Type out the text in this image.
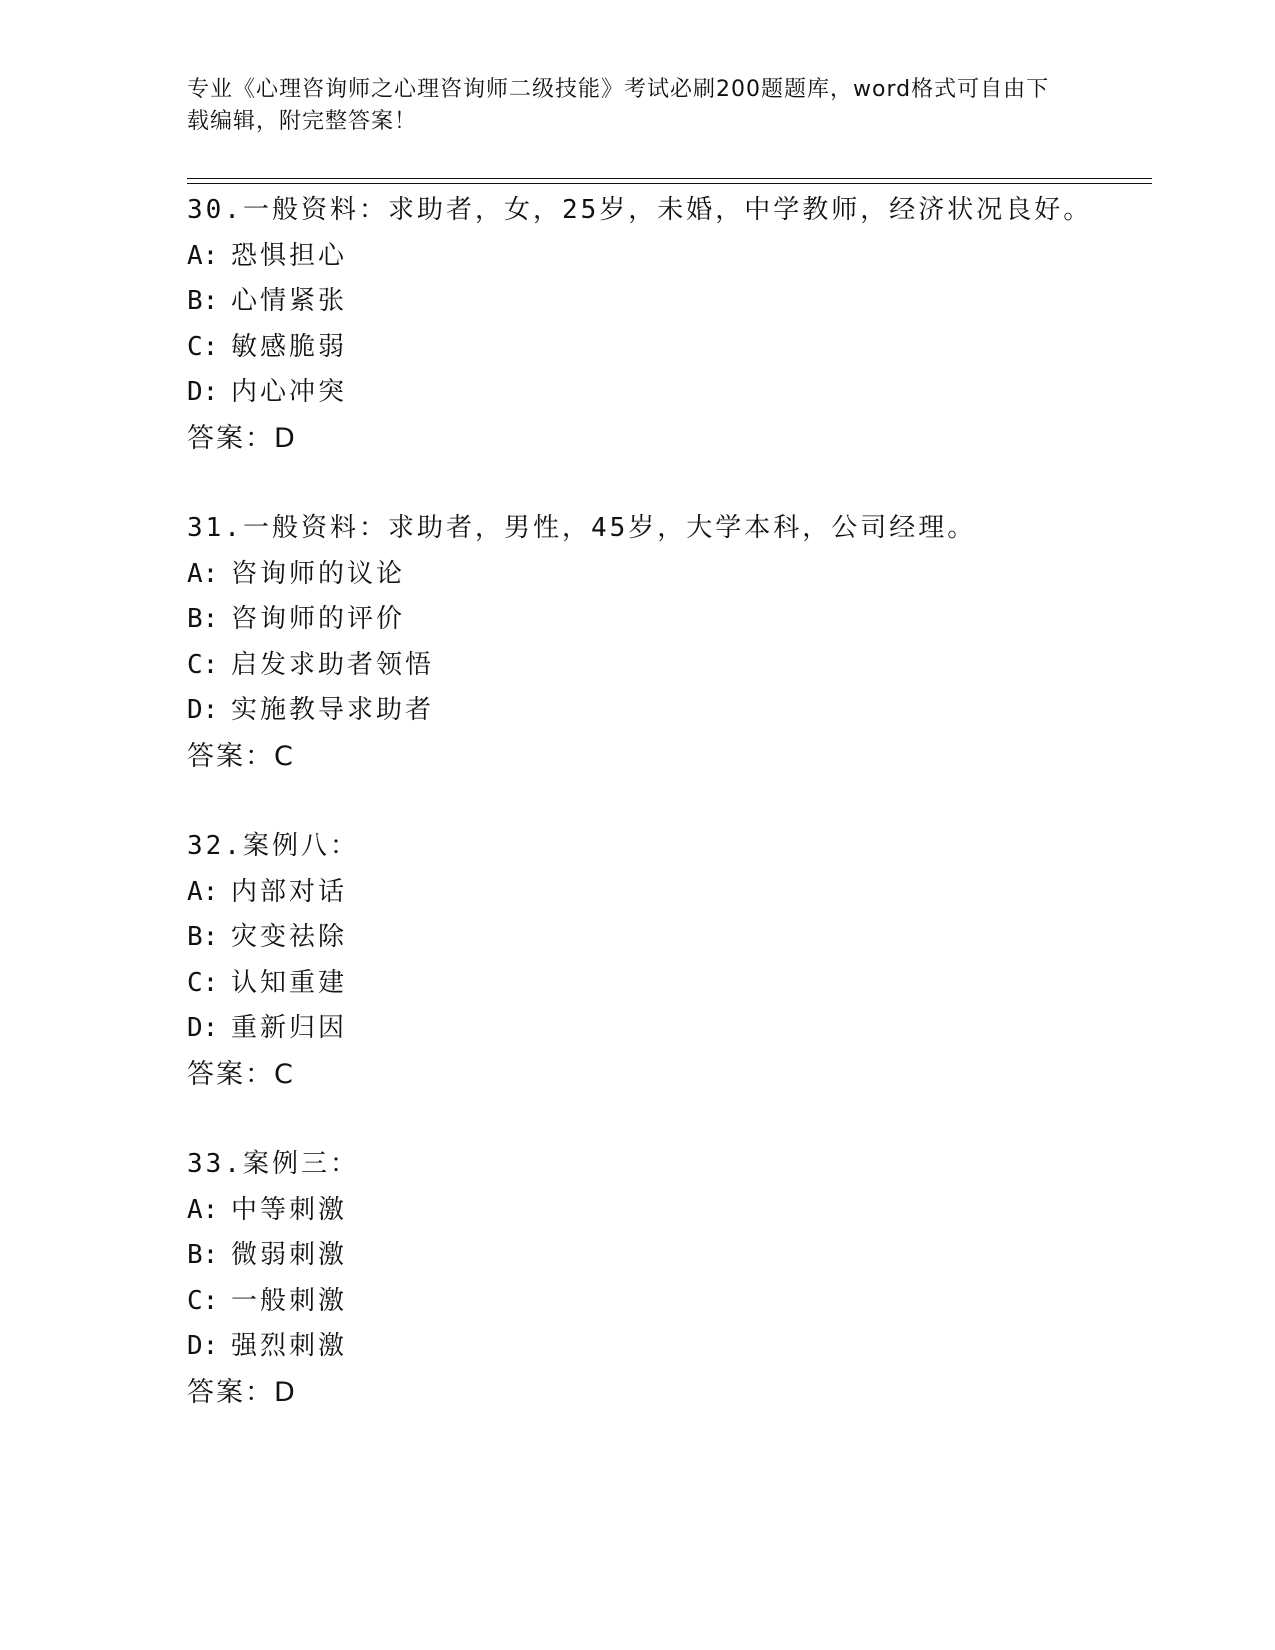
专业《心理咨询师之心理咨询师二级技能》考试必刷200题题库，word格式可自由下载编辑，附完整答案！
30.一般资料：求助者，女，25岁，未婚，中学教师，经济状况良好。
A: 恐惧担心
B: 心情紧张
C: 敏感脆弱
D: 内心冲突
答案：D
31.一般资料：求助者，男性，45岁，大学本科，公司经理。
A: 咨询师的议论
B: 咨询师的评价
C: 启发求助者领悟
D: 实施教导求助者
答案：C
32.案例八：
A: 内部对话
B: 灾变祛除
C: 认知重建
D: 重新归因
答案：C
33.案例三：
A: 中等刺激
B: 微弱刺激
C: 一般刺激
D: 强烈刺激
答案：D
